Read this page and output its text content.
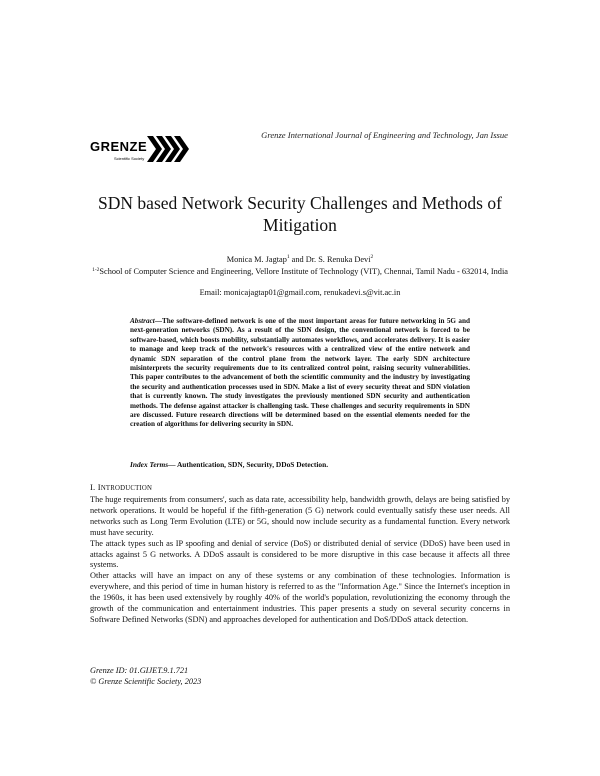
Grenze International Journal of Engineering and Technology, Jan Issue
GRENZE
Scientific Society
SDN based Network Security Challenges and Methods of Mitigation
Monica M. Jagtap$^1$ and Dr. S. Renuka Devi$^2$
$^{1-2}$School of Computer Science and Engineering, Vellore Institute of Technology (VIT), Chennai, Tamil Nadu - 632014, India
Email: monicajagtap01@gmail.com, renukadevi.s@vit.ac.in
Abstract—The software-defined network is one of the most important areas for future networking in 5G and next-generation networks (SDN). As a result of the SDN design, the conventional network is forced to be software-based, which boosts mobility, substantially automates workflows, and accelerates delivery. It is easier to manage and keep track of the network's resources with a centralized view of the entire network and dynamic SDN separation of the control plane from the network layer. The early SDN architecture misinterprets the security requirements due to its centralized control point, raising security vulnerabilities. This paper contributes to the advancement of both the scientific community and the industry by investigating the security and authentication processes used in SDN. Make a list of every security threat and SDN violation that is currently known. The study investigates the previously mentioned SDN security and authentication methods. The defense against attacker is challenging task. These challenges and security requirements in SDN are discussed. Future research directions will be determined based on the essential elements needed for the creation of algorithms for delivering security in SDN.
Index Terms— Authentication, SDN, Security, DDoS Detection.
I. INTRODUCTION

The huge requirements from consumers', such as data rate, accessibility help, bandwidth growth, delays are being satisfied by network operations. It would be hopeful if the fifth-generation (5 G) network could eventually satisfy these user needs. All networks such as Long Term Evolution (LTE) or 5G, should now include security as a fundamental function. Every network must have security.

The attack types such as IP spoofing and denial of service (DoS) or distributed denial of service (DDoS) have been used in attacks against 5 G networks. A DDoS assault is considered to be more disruptive in this case because it affects all three systems.

Other attacks will have an impact on any of these systems or any combination of these technologies. Information is everywhere, and this period of time in human history is referred to as the "Information Age." Since the Internet's inception in the 1960s, it has been used extensively by roughly 40% of the world's population, revolutionizing the economy through the growth of the communication and entertainment industries. This paper presents a study on several security concerns in Software Defined Networks (SDN) and approaches developed for authentication and DoS/DDoS attack detection.

Grenze ID: 01.GIJET.9.1.721
© Grenze Scientific Society, 2023
